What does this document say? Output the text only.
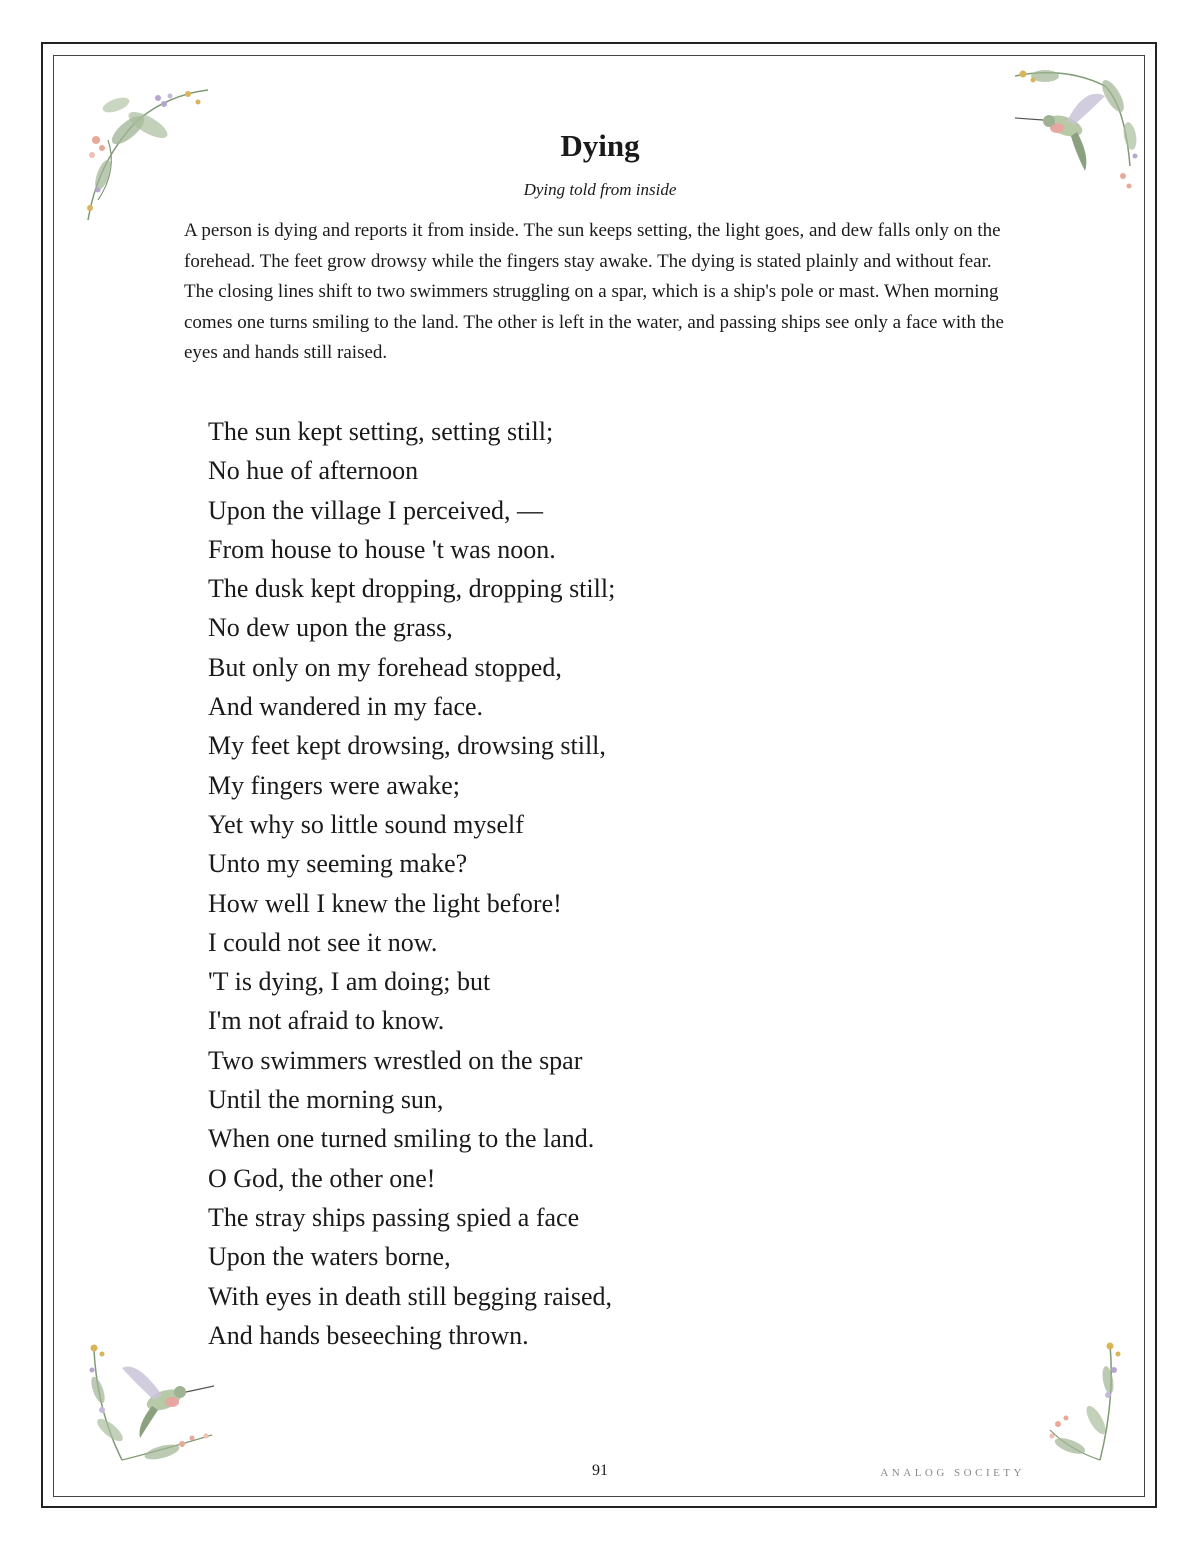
Dying

Dying told from inside

A person is dying and reports it from inside. The sun keeps setting, the light goes, and dew falls only on the forehead. The feet grow drowsy while the fingers stay awake. The dying is stated plainly and without fear. The closing lines shift to two swimmers struggling on a spar, which is a ship's pole or mast. When morning comes one turns smiling to the land. The other is left in the water, and passing ships see only a face with the eyes and hands still raised.

The sun kept setting, setting still;
No hue of afternoon
Upon the village I perceived, —
From house to house 't was noon.
The dusk kept dropping, dropping still;
No dew upon the grass,
But only on my forehead stopped,
And wandered in my face.
My feet kept drowsing, drowsing still,
My fingers were awake;
Yet why so little sound myself
Unto my seeming make?
How well I knew the light before!
I could not see it now.
'T is dying, I am doing; but
I'm not afraid to know.
Two swimmers wrestled on the spar
Until the morning sun,
When one turned smiling to the land.
O God, the other one!
The stray ships passing spied a face
Upon the waters borne,
With eyes in death still begging raised,
And hands beseeching thrown.
91	ANALOG SOCIETY
